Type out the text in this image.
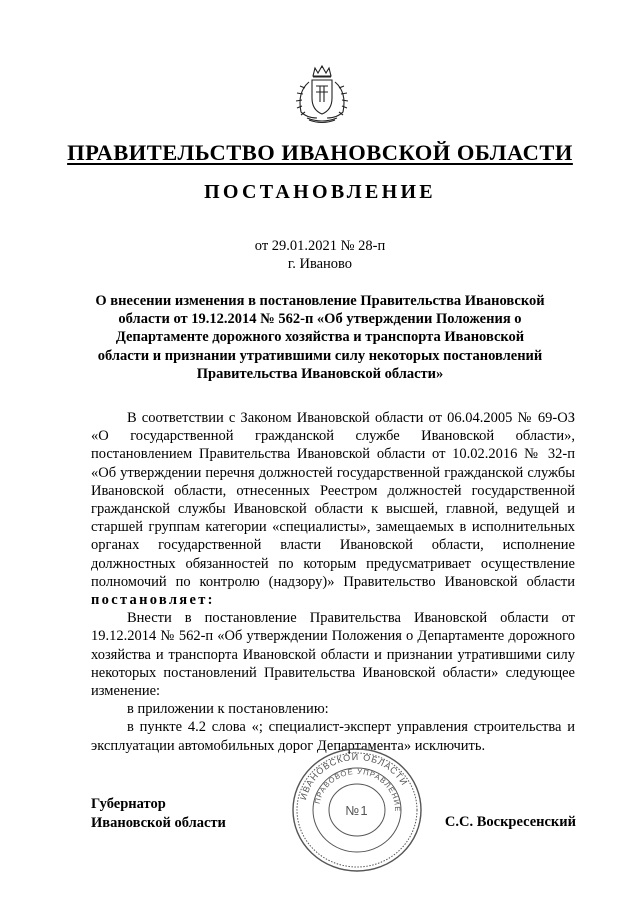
ПРАВИТЕЛЬСТВО ИВАНОВСКОЙ ОБЛАСТИ
ПОСТАНОВЛЕНИЕ
от 29.01.2021 № 28-п
г. Иваново
О внесении изменения в постановление Правительства Ивановской области от 19.12.2014 № 562-п «Об утверждении Положения о Департаменте дорожного хозяйства и транспорта Ивановской области и признании утратившими силу некоторых постановлений Правительства Ивановской области»

В соответствии с Законом Ивановской области от 06.04.2005 № 69-ОЗ «О государственной гражданской службе Ивановской области», постановлением Правительства Ивановской области от 10.02.2016 № 32-п «Об утверждении перечня должностей государственной гражданской службы Ивановской области, отнесенных Реестром должностей государственной гражданской службы Ивановской области к высшей, главной, ведущей и старшей группам категории «специалисты», замещаемых в исполнительных органах государственной власти Ивановской области, исполнение должностных обязанностей по которым предусматривает осуществление полномочий по контролю (надзору)» Правительство Ивановской области постановляет:

Внести в постановление Правительства Ивановской области от 19.12.2014 № 562-п «Об утверждении Положения о Департаменте дорожного хозяйства и транспорта Ивановской области и признании утратившими силу некоторых постановлений Правительства Ивановской области» следующее изменение:

в приложении к постановлению:

в пункте 4.2 слова «; специалист-эксперт управления строительства и эксплуатации автомобильных дорог Департамента» исключить.

Губернатор
Ивановской области	С.С. Воскресенский
ИВАНОВСКОЙ ОБЛАСТИ
ПРАВОВОЕ УПРАВЛЕНИЕ
№1
